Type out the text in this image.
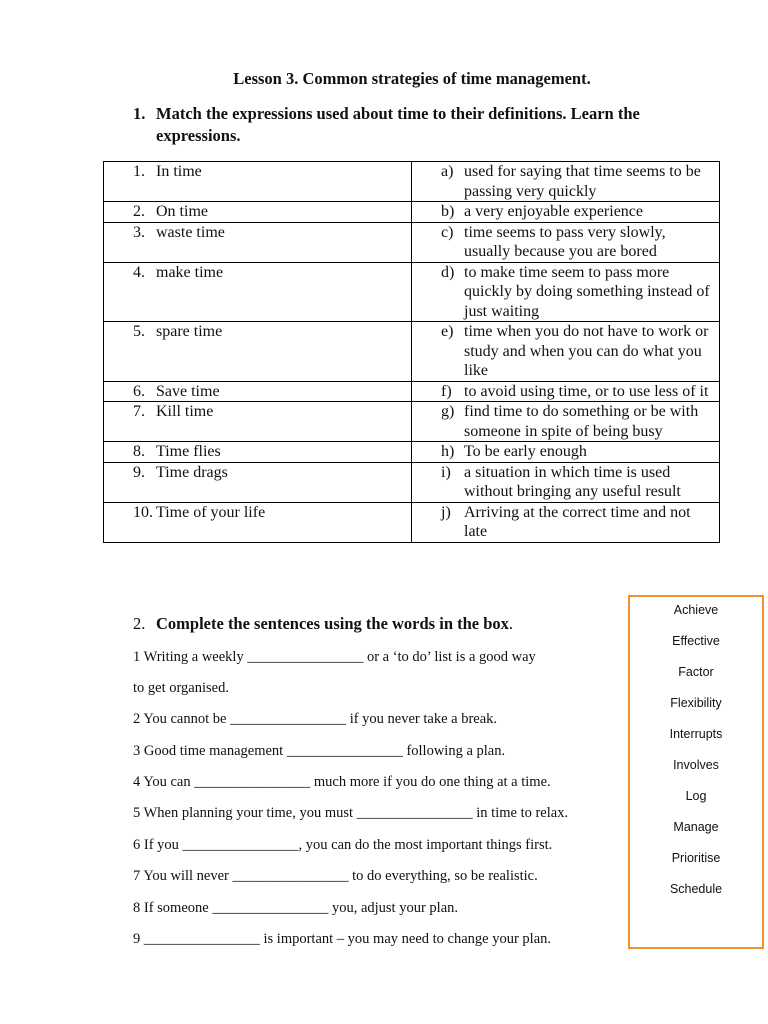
Lesson 3. Common strategies of time management.
1. Match the expressions used about time to their definitions. Learn the expressions.
1. In time	a) used for saying that time seems to be passing very quickly

2. On time	b) a very enjoyable experience

3. waste time	c) time seems to pass very slowly, usually because you are bored

4. make time	d) to make time seem to pass more quickly by doing something instead of just waiting

5. spare time	e) time when you do not have to work or study and when you can do what you like

6. Save time	f) to avoid using time, or to use less of it

7. Kill time	g) find time to do something or be with someone in spite of being busy

8. Time flies	h) To be early enough

9. Time drags	i) a situation in which time is used without bringing any useful result

10. Time of your life	j) Arriving at the correct time and not late
2. Complete the sentences using the words in the box.
1 Writing a weekly ________________ or a ‘to do’ list is a good way
to get organised.
2 You cannot be ________________ if you never take a break.
3 Good time management ________________ following a plan.
4 You can ________________ much more if you do one thing at a time.
5 When planning your time, you must ________________ in time to relax.
6 If you ________________, you can do the most important things first.
7 You will never ________________ to do everything, so be realistic.
8 If someone ________________ you, adjust your plan.
9 ________________ is important – you may need to change your plan.
Achieve
Effective
Factor
Flexibility
Interrupts
Involves
Log
Manage
Prioritise
Schedule
